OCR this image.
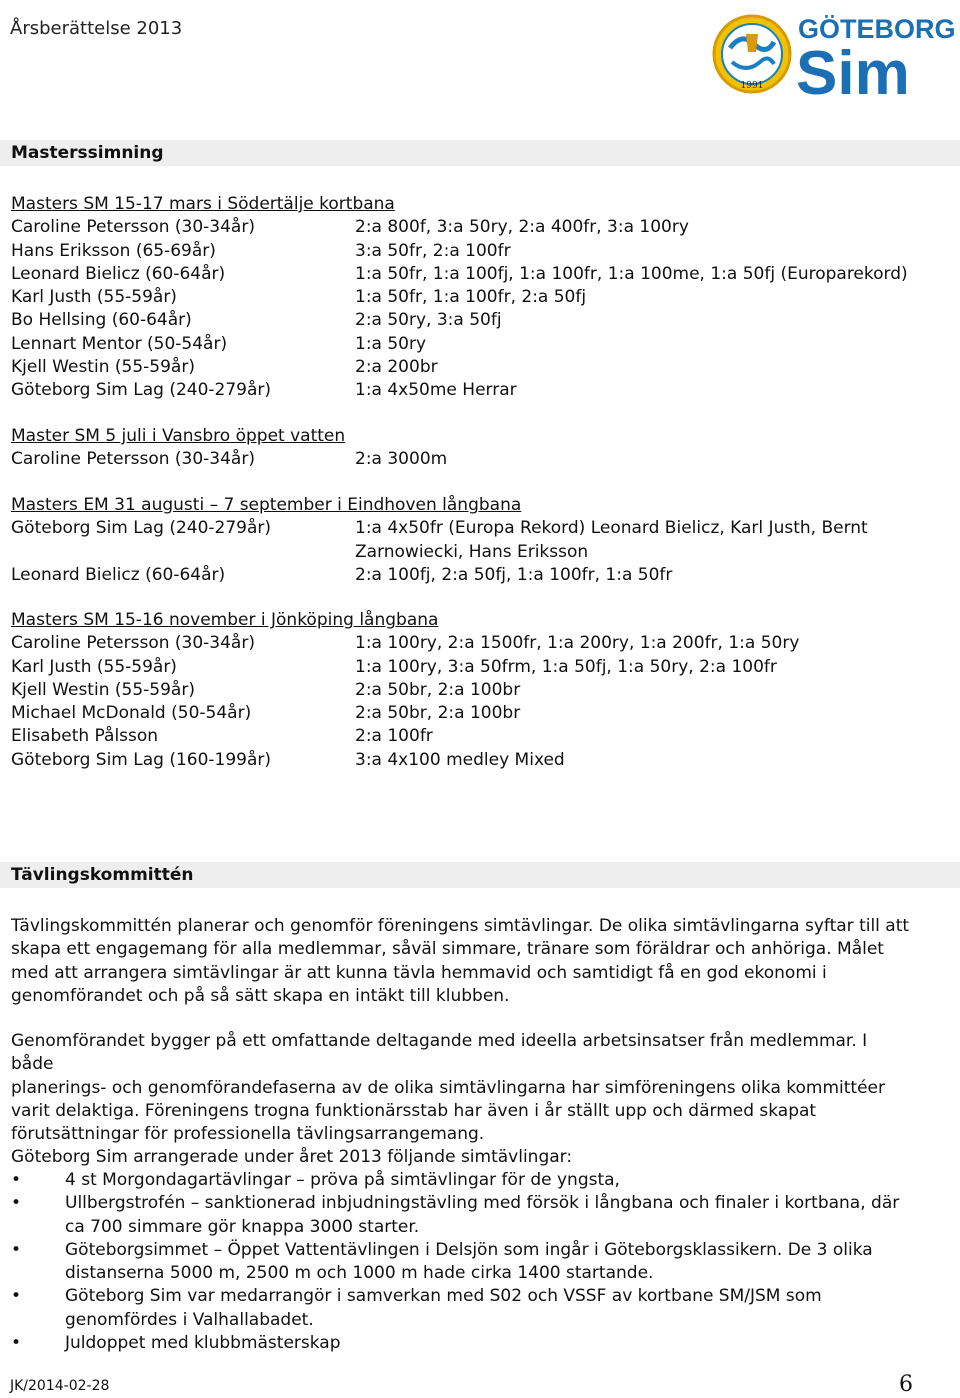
Årsberättelse 2013
1991
GÖTEBORG
Sim
Masterssimning
Masters SM 15-17 mars i Södertälje kortbana
Caroline Petersson (30-34år)	2:a 800f, 3:a 50ry, 2:a 400fr, 3:a 100ry
Hans Eriksson (65-69år)	3:a 50fr, 2:a 100fr
Leonard Bielicz (60-64år)	1:a 50fr, 1:a 100fj, 1:a 100fr, 1:a 100me, 1:a 50fj (Europarekord)
Karl Justh (55-59år)	1:a 50fr, 1:a 100fr, 2:a 50fj
Bo Hellsing (60-64år)	2:a 50ry, 3:a 50fj
Lennart Mentor (50-54år)	1:a 50ry
Kjell Westin (55-59år)	2:a 200br
Göteborg Sim Lag (240-279år)	1:a 4x50me Herrar
Master SM 5 juli i Vansbro öppet vatten
Caroline Petersson (30-34år)	2:a 3000m
Masters EM 31 augusti – 7 september i Eindhoven långbana
Göteborg Sim Lag (240-279år)	1:a 4x50fr (Europa Rekord) Leonard Bielicz, Karl Justh, Bernt
Zarnowiecki, Hans Eriksson
Leonard Bielicz (60-64år)	2:a 100fj, 2:a 50fj, 1:a 100fr, 1:a 50fr
Masters SM 15-16 november i Jönköping långbana
Caroline Petersson (30-34år)	1:a 100ry, 2:a 1500fr, 1:a 200ry, 1:a 200fr, 1:a 50ry
Karl Justh (55-59år)	1:a 100ry, 3:a 50frm, 1:a 50fj, 1:a 50ry, 2:a 100fr
Kjell Westin (55-59år)	2:a 50br, 2:a 100br
Michael McDonald (50-54år)	2:a 50br, 2:a 100br
Elisabeth Pålsson	2:a 100fr
Göteborg Sim Lag (160-199år)	3:a 4x100 medley Mixed
Tävlingskommittén
Tävlingskommittén planerar och genomför föreningens simtävlingar. De olika simtävlingarna syftar till att
skapa ett engagemang för alla medlemmar, såväl simmare, tränare som föräldrar och anhöriga. Målet
med att arrangera simtävlingar är att kunna tävla hemmavid och samtidigt få en god ekonomi i
genomförandet och på så sätt skapa en intäkt till klubben.
Genomförandet bygger på ett omfattande deltagande med ideella arbetsinsatser från medlemmar. I både
planerings- och genomförandefaserna av de olika simtävlingarna har simföreningens olika kommittéer
varit delaktiga. Föreningens trogna funktionärsstab har även i år ställt upp och därmed skapat
förutsättningar för professionella tävlingsarrangemang.
Göteborg Sim arrangerade under året 2013 följande simtävlingar:
•	4 st Morgondagartävlingar – pröva på simtävlingar för de yngsta,
•	Ullbergstrofén – sanktionerad inbjudningstävling med försök i långbana och finaler i kortbana, där
ca 700 simmare gör knappa 3000 starter.
•	Göteborgsimmet – Öppet Vattentävlingen i Delsjön som ingår i Göteborgsklassikern. De 3 olika
distanserna 5000 m, 2500 m och 1000 m hade cirka 1400 startande.
•	Göteborg Sim var medarrangör i samverkan med S02 och VSSF av kortbane SM/JSM som
genomfördes i Valhallabadet.
•	Juldoppet med klubbmästerskap
JK/2014-02-28	6
